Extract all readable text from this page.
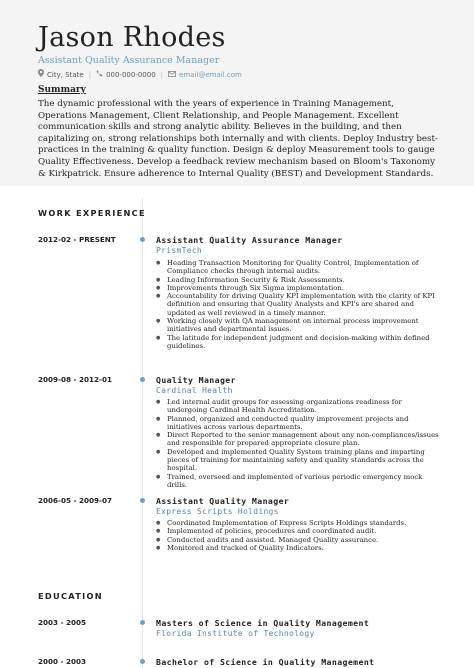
Jason Rhodes
Assistant Quality Assurance Manager
City, State | 000-000-0000 | email@email.com
Summary
The dynamic professional with the years of experience in Training Management, Operations Management, Client Relationship, and People Management. Excellent communication skills and strong analytic ability. Believes in the building, and then capitalizing on, strong relationships both internally and with clients. Deploy Industry best-practices in the training & quality function. Design & deploy Measurement tools to gauge Quality Effectiveness. Develop a feedback review mechanism based on Bloom's Taxonomy & Kirkpatrick. Ensure adherence to Internal Quality (BEST) and Development Standards.
WORK EXPERIENCE
2012-02 - PRESENT	Assistant Quality Assurance Manager
PrismTech
● Heading Transaction Monitoring for Quality Control, Implementation of Compliance checks through internal audits.
● Leading Information Security & Risk Assessments.
● Improvements through Six Sigma implementation.
● Accountability for driving Quality KPI implementation with the clarity of KPI definition and ensuring that Quality Analysts and KPI's are shared and updated as well reviewed in a timely manner.
● Working closely with QA management on internal process improvement initiatives and departmental issues.
● The latitude for independent judgment and decision-making within defined guidelines.
2009-08 - 2012-01	Quality Manager
Cardinal Health
● Led internal audit groups for assessing organizations readiness for undergoing Cardinal Health Accreditation.
● Planned, organized and conducted quality improvement projects and initiatives across various departments.
● Direct Reported to the senior management about any non-compliances/issues and responsible for prepared appropriate closure plan.
● Developed and implemented Quality System training plans and imparting pieces of training for maintaining safety and quality standards across the hospital.
● Trained, overseed and implemented of various periodic emergency mock drills.
2006-05 - 2009-07	Assistant Quality Manager
Express Scripts Holdings
● Coordinated Implementation of Express Scripts Holdings standards.
● Implemented of policies, procedures and coordinated audit.
● Conducted audits and assisted. Managed Quality assurance.
● Monitored and tracked of Quality Indicators.
EDUCATION
2003 - 2005	Masters of Science in Quality Management
Florida Institute of Technology
2000 - 2003	Bachelor of Science in Quality Management
